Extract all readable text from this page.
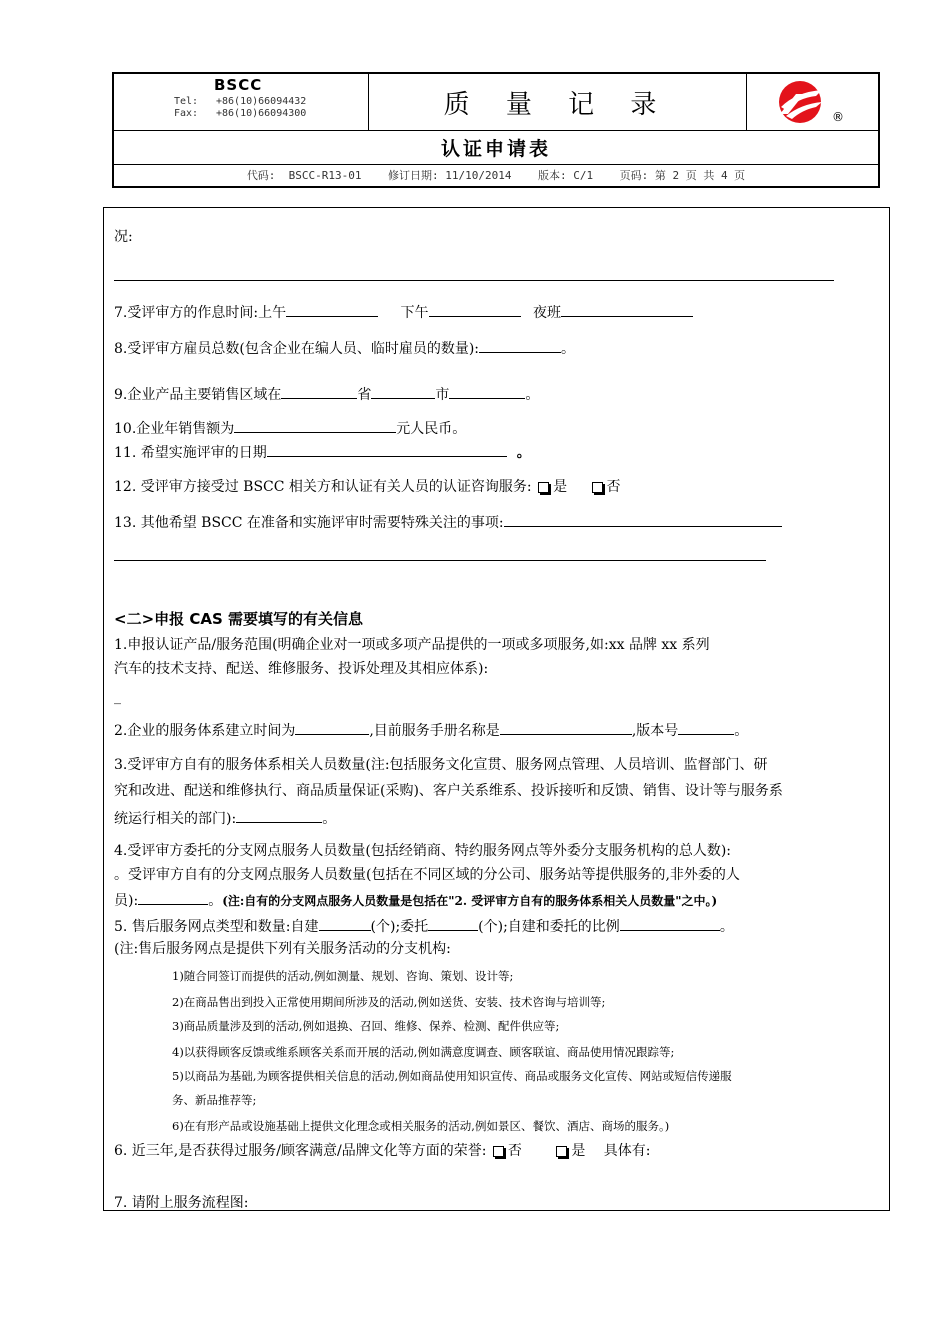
BSCC
Tel: +86(10)66094432
Fax: +86(10)66094300	质 量 记 录	®
认证申请表
代码:  BSCC-R13-01    修订日期: 11/10/2014    版本: C/1    页码: 第 2 页 共 4 页
况:
7.受评审方的作息时间:上午	下午	夜班
8.受评审方雇员总数(包含企业在编人员、临时雇员的数量):	。
9.企业产品主要销售区域在	省	市	。
10.企业年销售额为	元人民币。
11. 希望实施评审的日期	。
12. 受评审方接受过 BSCC 相关方和认证有关人员的认证咨询服务: 是	否
13. 其他希望 BSCC 在准备和实施评审时需要特殊关注的事项:
<二>申报 CAS 需要填写的有关信息
1.申报认证产品/服务范围(明确企业对一项或多项产品提供的一项或多项服务,如:xx 品牌 xx 系列
汽车的技术支持、配送、维修服务、投诉处理及其相应体系):
_
2.企业的服务体系建立时间为	,目前服务手册名称是	,版本号	。
3.受评审方自有的服务体系相关人员数量(注:包括服务文化宣贯、服务网点管理、人员培训、监督部门、研
究和改进、配送和维修执行、商品质量保证(采购)、客户关系维系、投诉接听和反馈、销售、设计等与服务系
统运行相关的部门):	。
4.受评审方委托的分支网点服务人员数量(包括经销商、特约服务网点等外委分支服务机构的总人数):
。受评审方自有的分支网点服务人员数量(包括在不同区域的分公司、服务站等提供服务的,非外委的人
员):	。(注:自有的分支网点服务人员数量是包括在"2. 受评审方自有的服务体系相关人员数量"之中。)
5. 售后服务网点类型和数量:自建	(个);委托	(个);自建和委托的比例	。
(注:售后服务网点是提供下列有关服务活动的分支机构:
1)随合同签订而提供的活动,例如测量、规划、咨询、策划、设计等;
2)在商品售出到投入正常使用期间所涉及的活动,例如送货、安装、技术咨询与培训等;
3)商品质量涉及到的活动,例如退换、召回、维修、保养、检测、配件供应等;
4)以获得顾客反馈或维系顾客关系而开展的活动,例如满意度调查、顾客联谊、商品使用情况跟踪等;
5)以商品为基础,为顾客提供相关信息的活动,例如商品使用知识宣传、商品或服务文化宣传、网站或短信传递服
务、新品推荐等;
6)在有形产品或设施基础上提供文化理念或相关服务的活动,例如景区、餐饮、酒店、商场的服务。)
6. 近三年,是否获得过服务/顾客满意/品牌文化等方面的荣誉: 否	是 具体有:
7. 请附上服务流程图:
